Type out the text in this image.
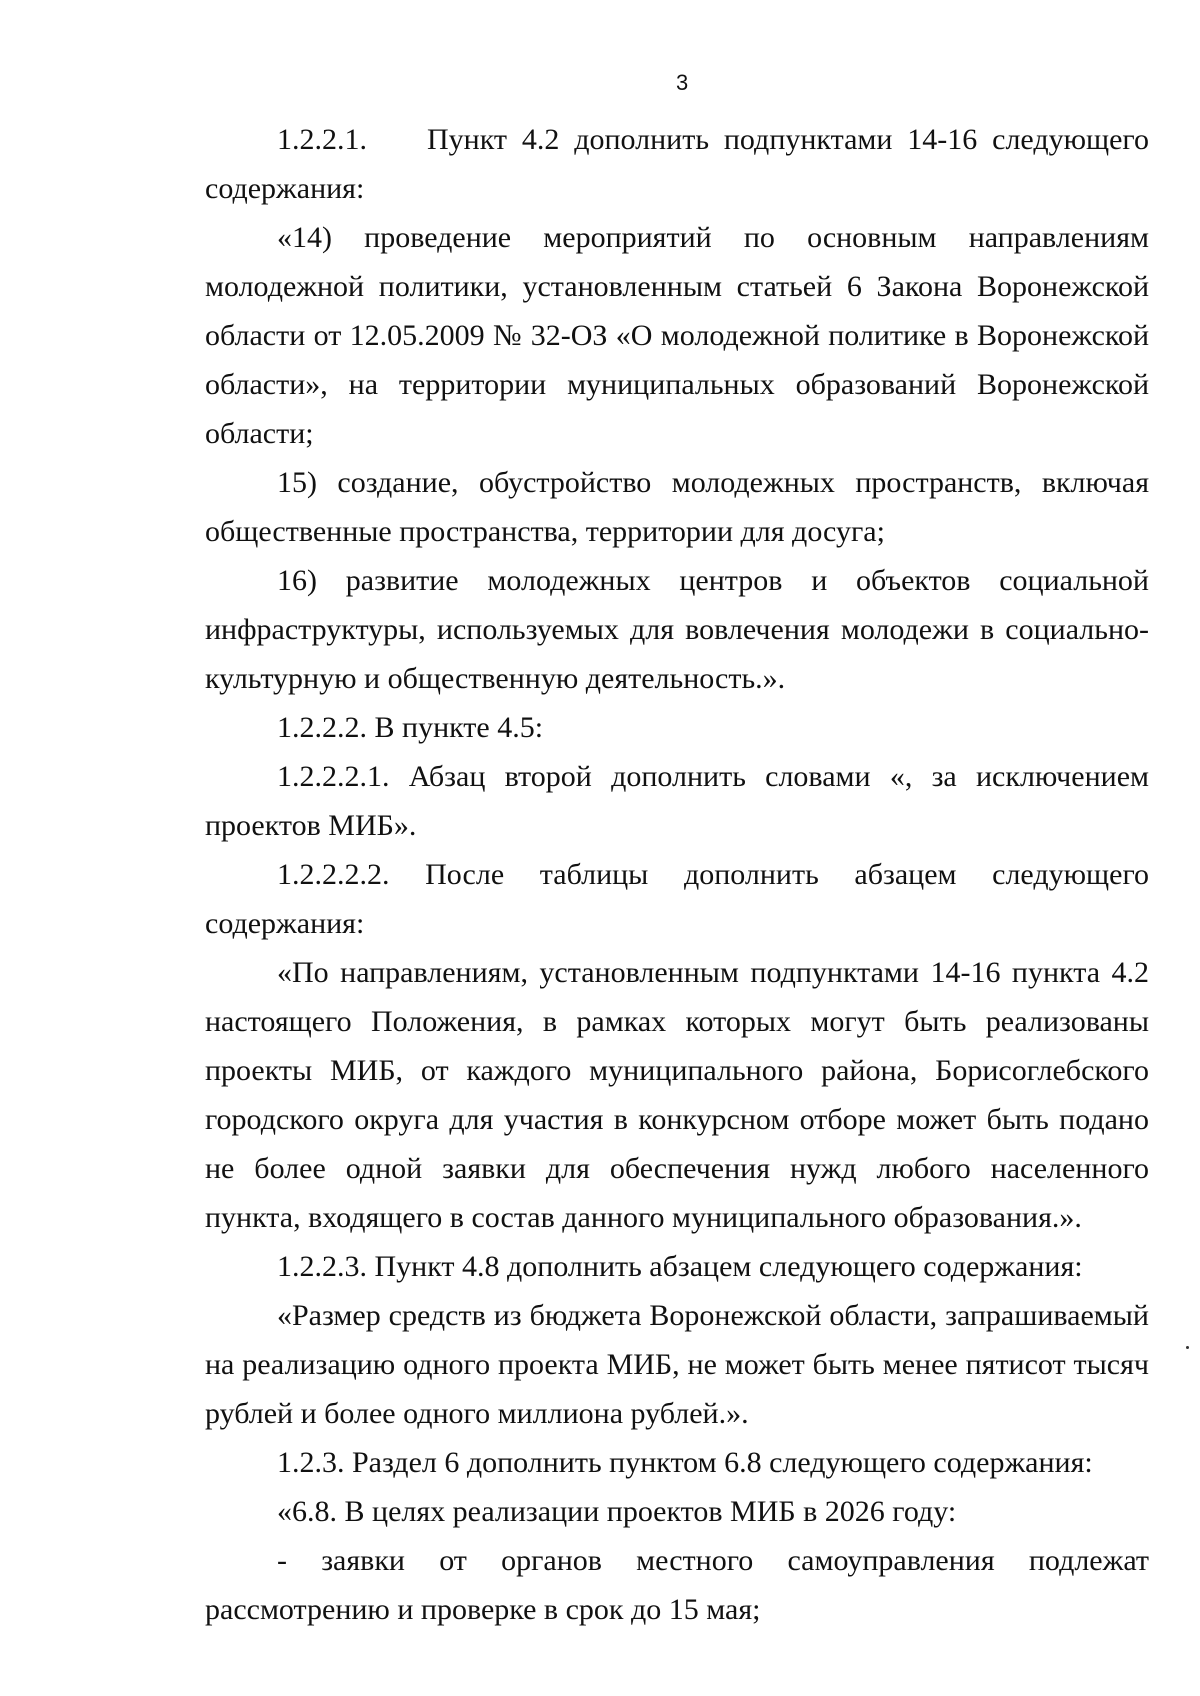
3

1.2.2.1.  Пункт 4.2 дополнить подпунктами 14-16 следующего содержания:

«14) проведение мероприятий по основным направлениям молодежной политики, установленным статьей 6 Закона Воронежской области от 12.05.2009 № 32-ОЗ «О молодежной политике в Воронежской области», на территории муниципальных образований Воронежской области;

15) создание, обустройство молодежных пространств, включая общественные пространства, территории для досуга;

16) развитие молодежных центров и объектов социальной инфраструктуры, используемых для вовлечения молодежи в социально-культурную и общественную деятельность.».

1.2.2.2. В пункте 4.5:

1.2.2.2.1. Абзац второй дополнить словами «, за исключением проектов МИБ».

1.2.2.2.2. После таблицы дополнить абзацем следующего содержания:

«По направлениям, установленным подпунктами 14-16 пункта 4.2 настоящего Положения, в рамках которых могут быть реализованы проекты МИБ, от каждого муниципального района, Борисоглебского городского округа для участия в конкурсном отборе может быть подано не более одной заявки для обеспечения нужд любого населенного пункта, входящего в состав данного муниципального образования.».

1.2.2.3. Пункт 4.8 дополнить абзацем следующего содержания:

«Размер средств из бюджета Воронежской области, запрашиваемый на реализацию одного проекта МИБ, не может быть менее пятисот тысяч рублей и более одного миллиона рублей.».

1.2.3. Раздел 6 дополнить пунктом 6.8 следующего содержания:

«6.8. В целях реализации проектов МИБ в 2026 году:

- заявки от органов местного самоуправления подлежат рассмотрению и проверке в срок до 15 мая;
